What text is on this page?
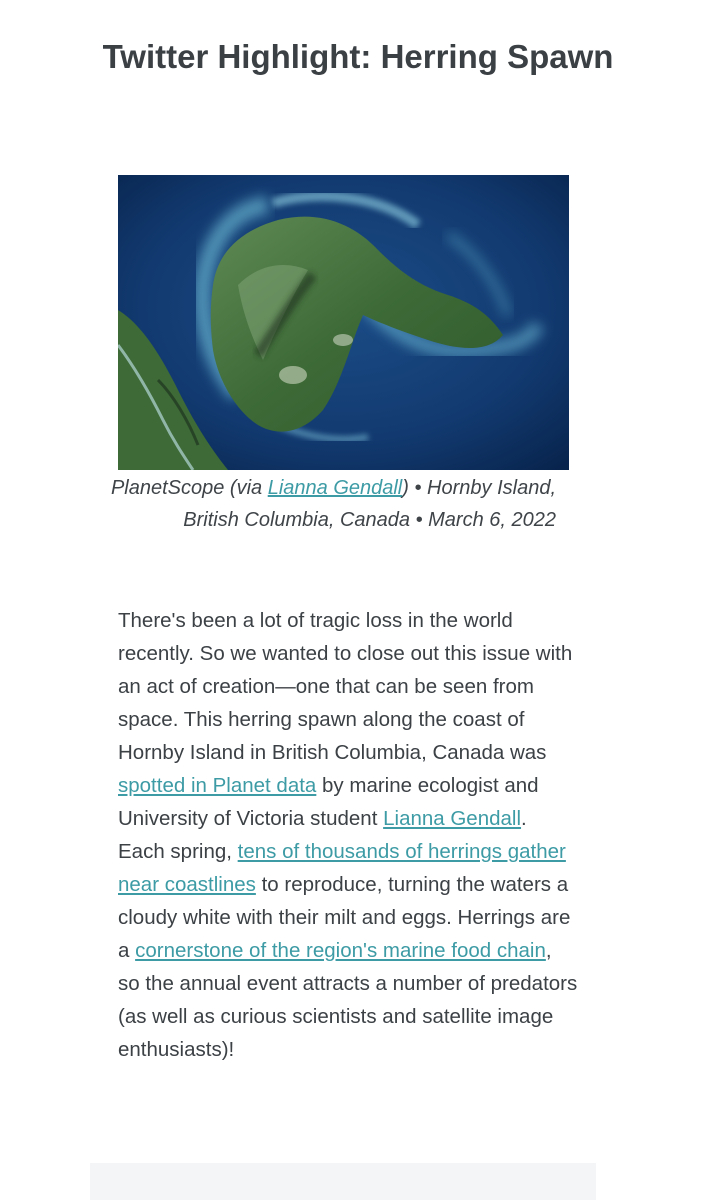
Twitter Highlight: Herring Spawn
PlanetScope (via Lianna Gendall) • Hornby Island, British Columbia, Canada • March 6, 2022
There's been a lot of tragic loss in the world recently. So we wanted to close out this issue with an act of creation—one that can be seen from space. This herring spawn along the coast of Hornby Island in British Columbia, Canada was spotted in Planet data by marine ecologist and University of Victoria student Lianna Gendall. Each spring, tens of thousands of herrings gather near coastlines to reproduce, turning the waters a cloudy white with their milt and eggs. Herrings are a cornerstone of the region's marine food chain, so the annual event attracts a number of predators (as well as curious scientists and satellite image enthusiasts)!
